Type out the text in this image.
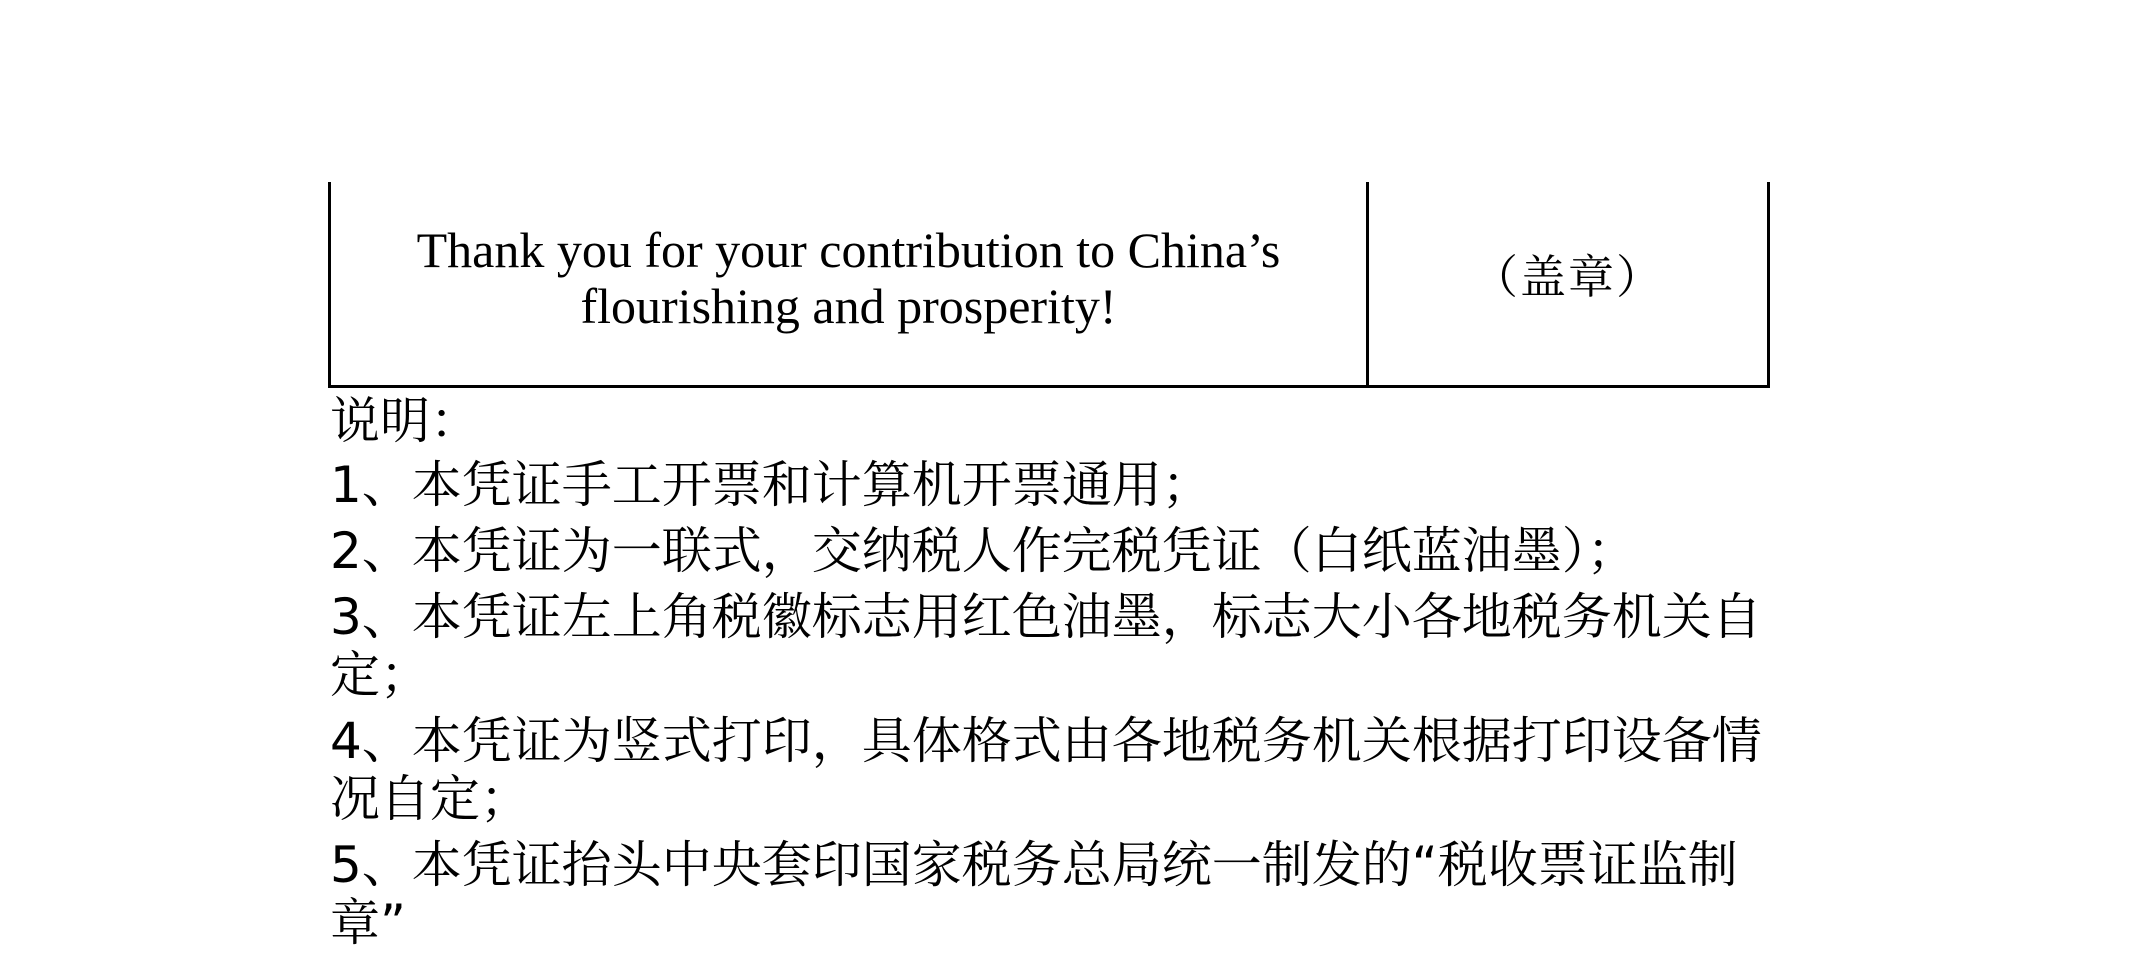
Thank you for your contribution to China’s
flourishing and prosperity!
（盖章）
说明：
1、本凭证手工开票和计算机开票通用；
2、本凭证为一联式，交纳税人作完税凭证（白纸蓝油墨）；
3、本凭证左上角税徽标志用红色油墨，标志大小各地税务机关自定；
4、本凭证为竖式打印，具体格式由各地税务机关根据打印设备情况自定；
5、本凭证抬头中央套印国家税务总局统一制发的“税收票证监制章”
